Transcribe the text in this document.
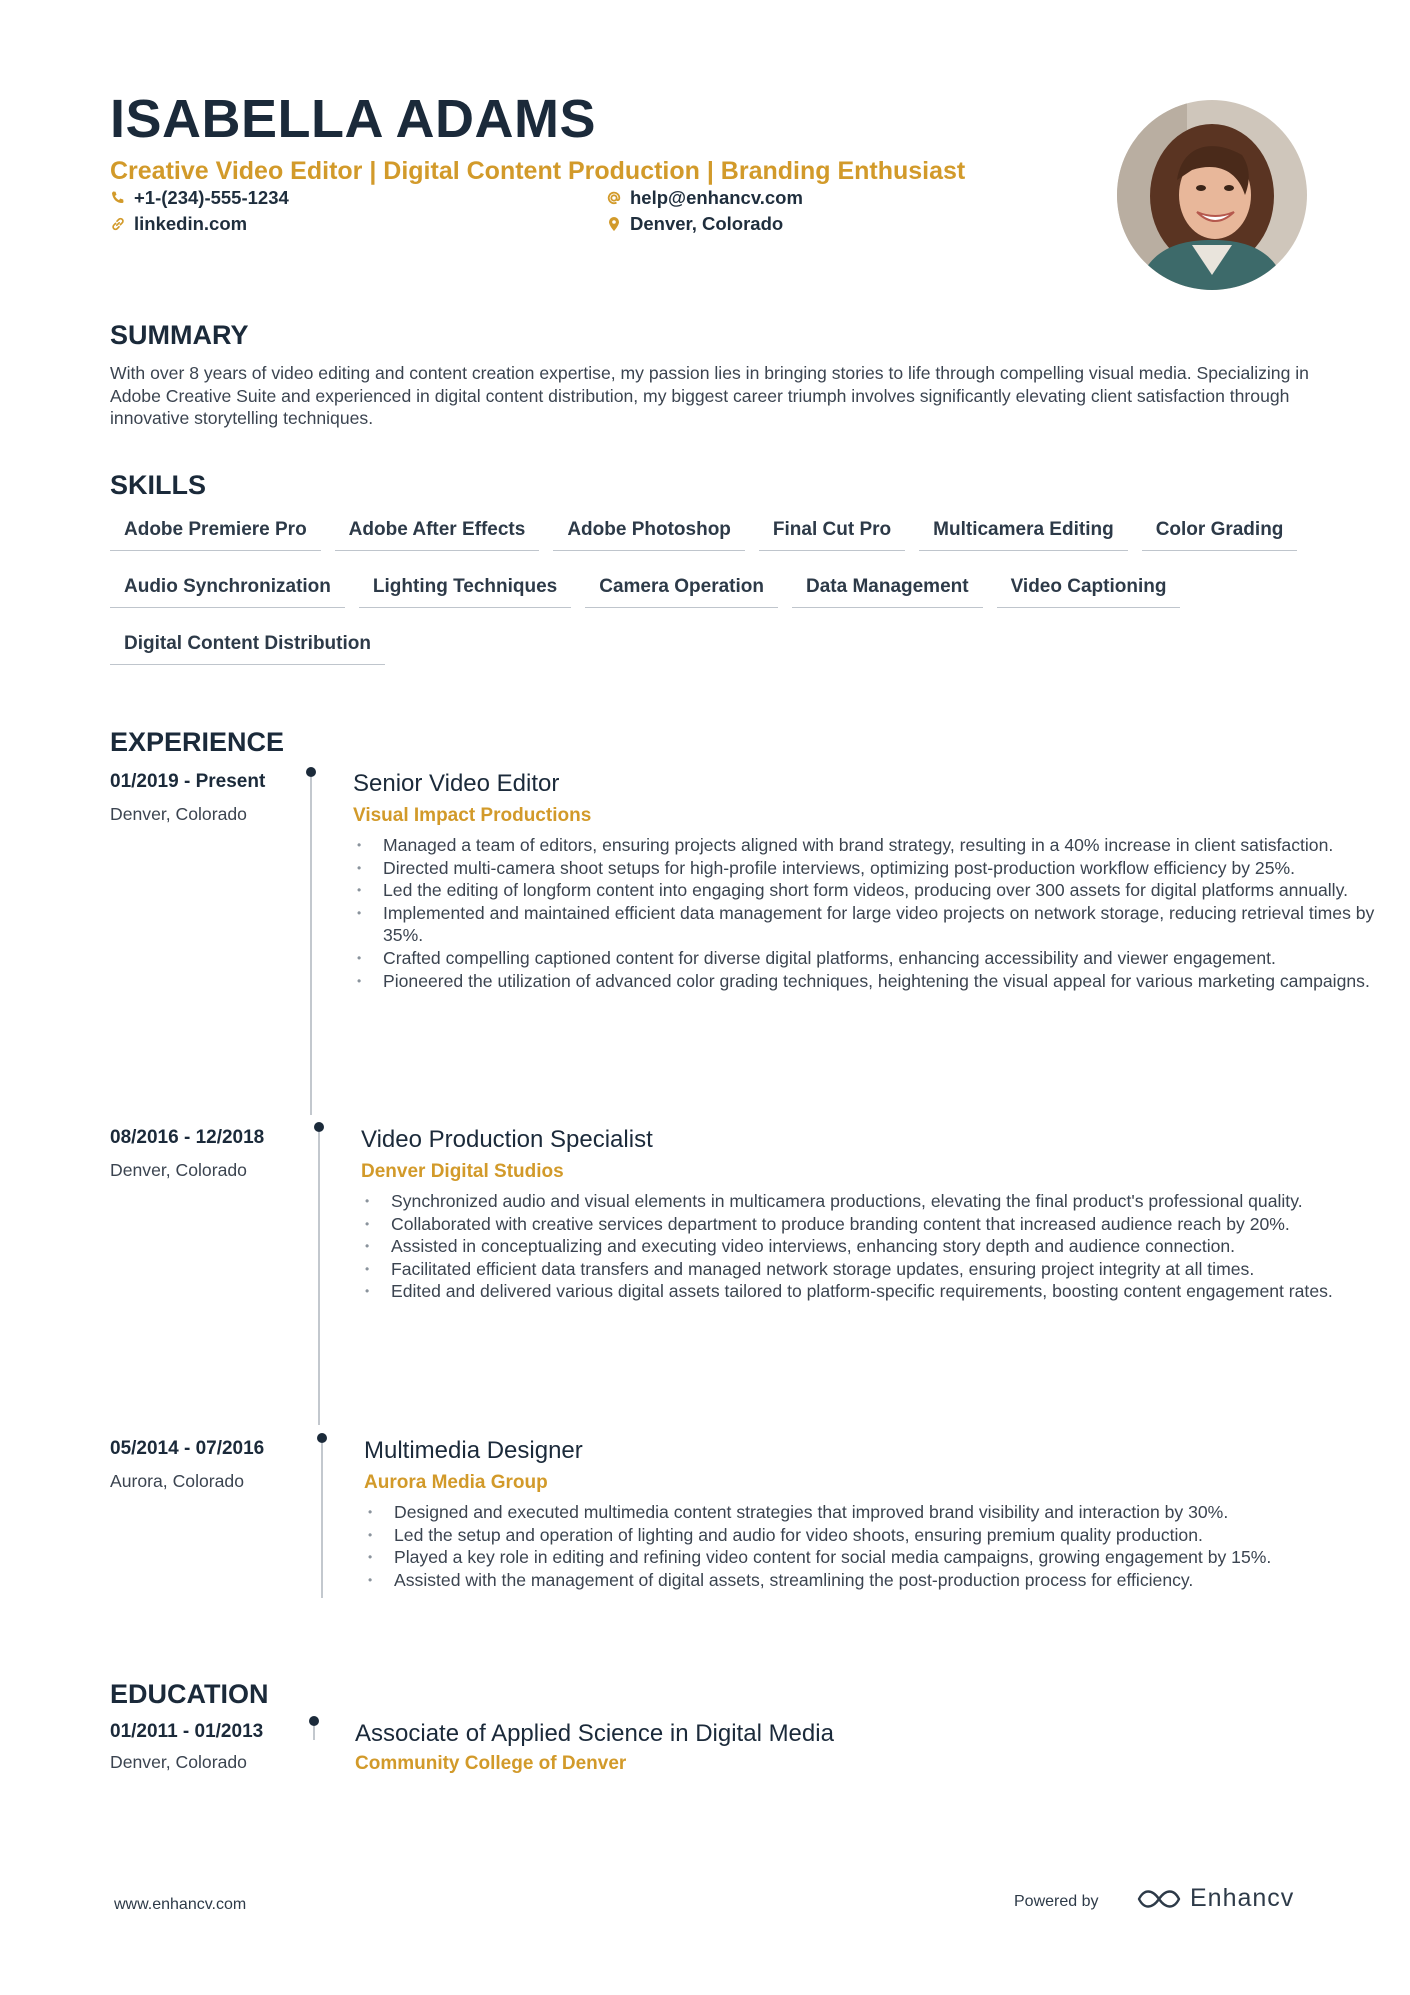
ISABELLA ADAMS
Creative Video Editor | Digital Content Production | Branding Enthusiast
+1-(234)-555-1234	help@enhancv.com
linkedin.com	Denver, Colorado
SUMMARY

With over 8 years of video editing and content creation expertise, my passion lies in bringing stories to life through compelling visual media. Specializing in Adobe Creative Suite and experienced in digital content distribution, my biggest career triumph involves significantly elevating client satisfaction through innovative storytelling techniques.

SKILLS
Adobe Premiere Pro	Adobe After Effects	Adobe Photoshop	Final Cut Pro	Multicamera Editing	Color Grading
Audio Synchronization	Lighting Techniques	Camera Operation	Data Management	Video Captioning
Digital Content Distribution
EXPERIENCE
01/2019 - Present
Denver, Colorado
Senior Video Editor
Visual Impact Productions
• Managed a team of editors, ensuring projects aligned with brand strategy, resulting in a 40% increase in client satisfaction.
• Directed multi-camera shoot setups for high-profile interviews, optimizing post-production workflow efficiency by 25%.
• Led the editing of longform content into engaging short form videos, producing over 300 assets for digital platforms annually.
• Implemented and maintained efficient data management for large video projects on network storage, reducing retrieval times by 35%.
• Crafted compelling captioned content for diverse digital platforms, enhancing accessibility and viewer engagement.
• Pioneered the utilization of advanced color grading techniques, heightening the visual appeal for various marketing campaigns.
08/2016 - 12/2018
Denver, Colorado
Video Production Specialist
Denver Digital Studios
• Synchronized audio and visual elements in multicamera productions, elevating the final product's professional quality.
• Collaborated with creative services department to produce branding content that increased audience reach by 20%.
• Assisted in conceptualizing and executing video interviews, enhancing story depth and audience connection.
• Facilitated efficient data transfers and managed network storage updates, ensuring project integrity at all times.
• Edited and delivered various digital assets tailored to platform-specific requirements, boosting content engagement rates.
05/2014 - 07/2016
Aurora, Colorado
Multimedia Designer
Aurora Media Group
• Designed and executed multimedia content strategies that improved brand visibility and interaction by 30%.
• Led the setup and operation of lighting and audio for video shoots, ensuring premium quality production.
• Played a key role in editing and refining video content for social media campaigns, growing engagement by 15%.
• Assisted with the management of digital assets, streamlining the post-production process for efficiency.
EDUCATION
01/2011 - 01/2013
Denver, Colorado
Associate of Applied Science in Digital Media
Community College of Denver
www.enhancv.com	Powered by	Enhancv
